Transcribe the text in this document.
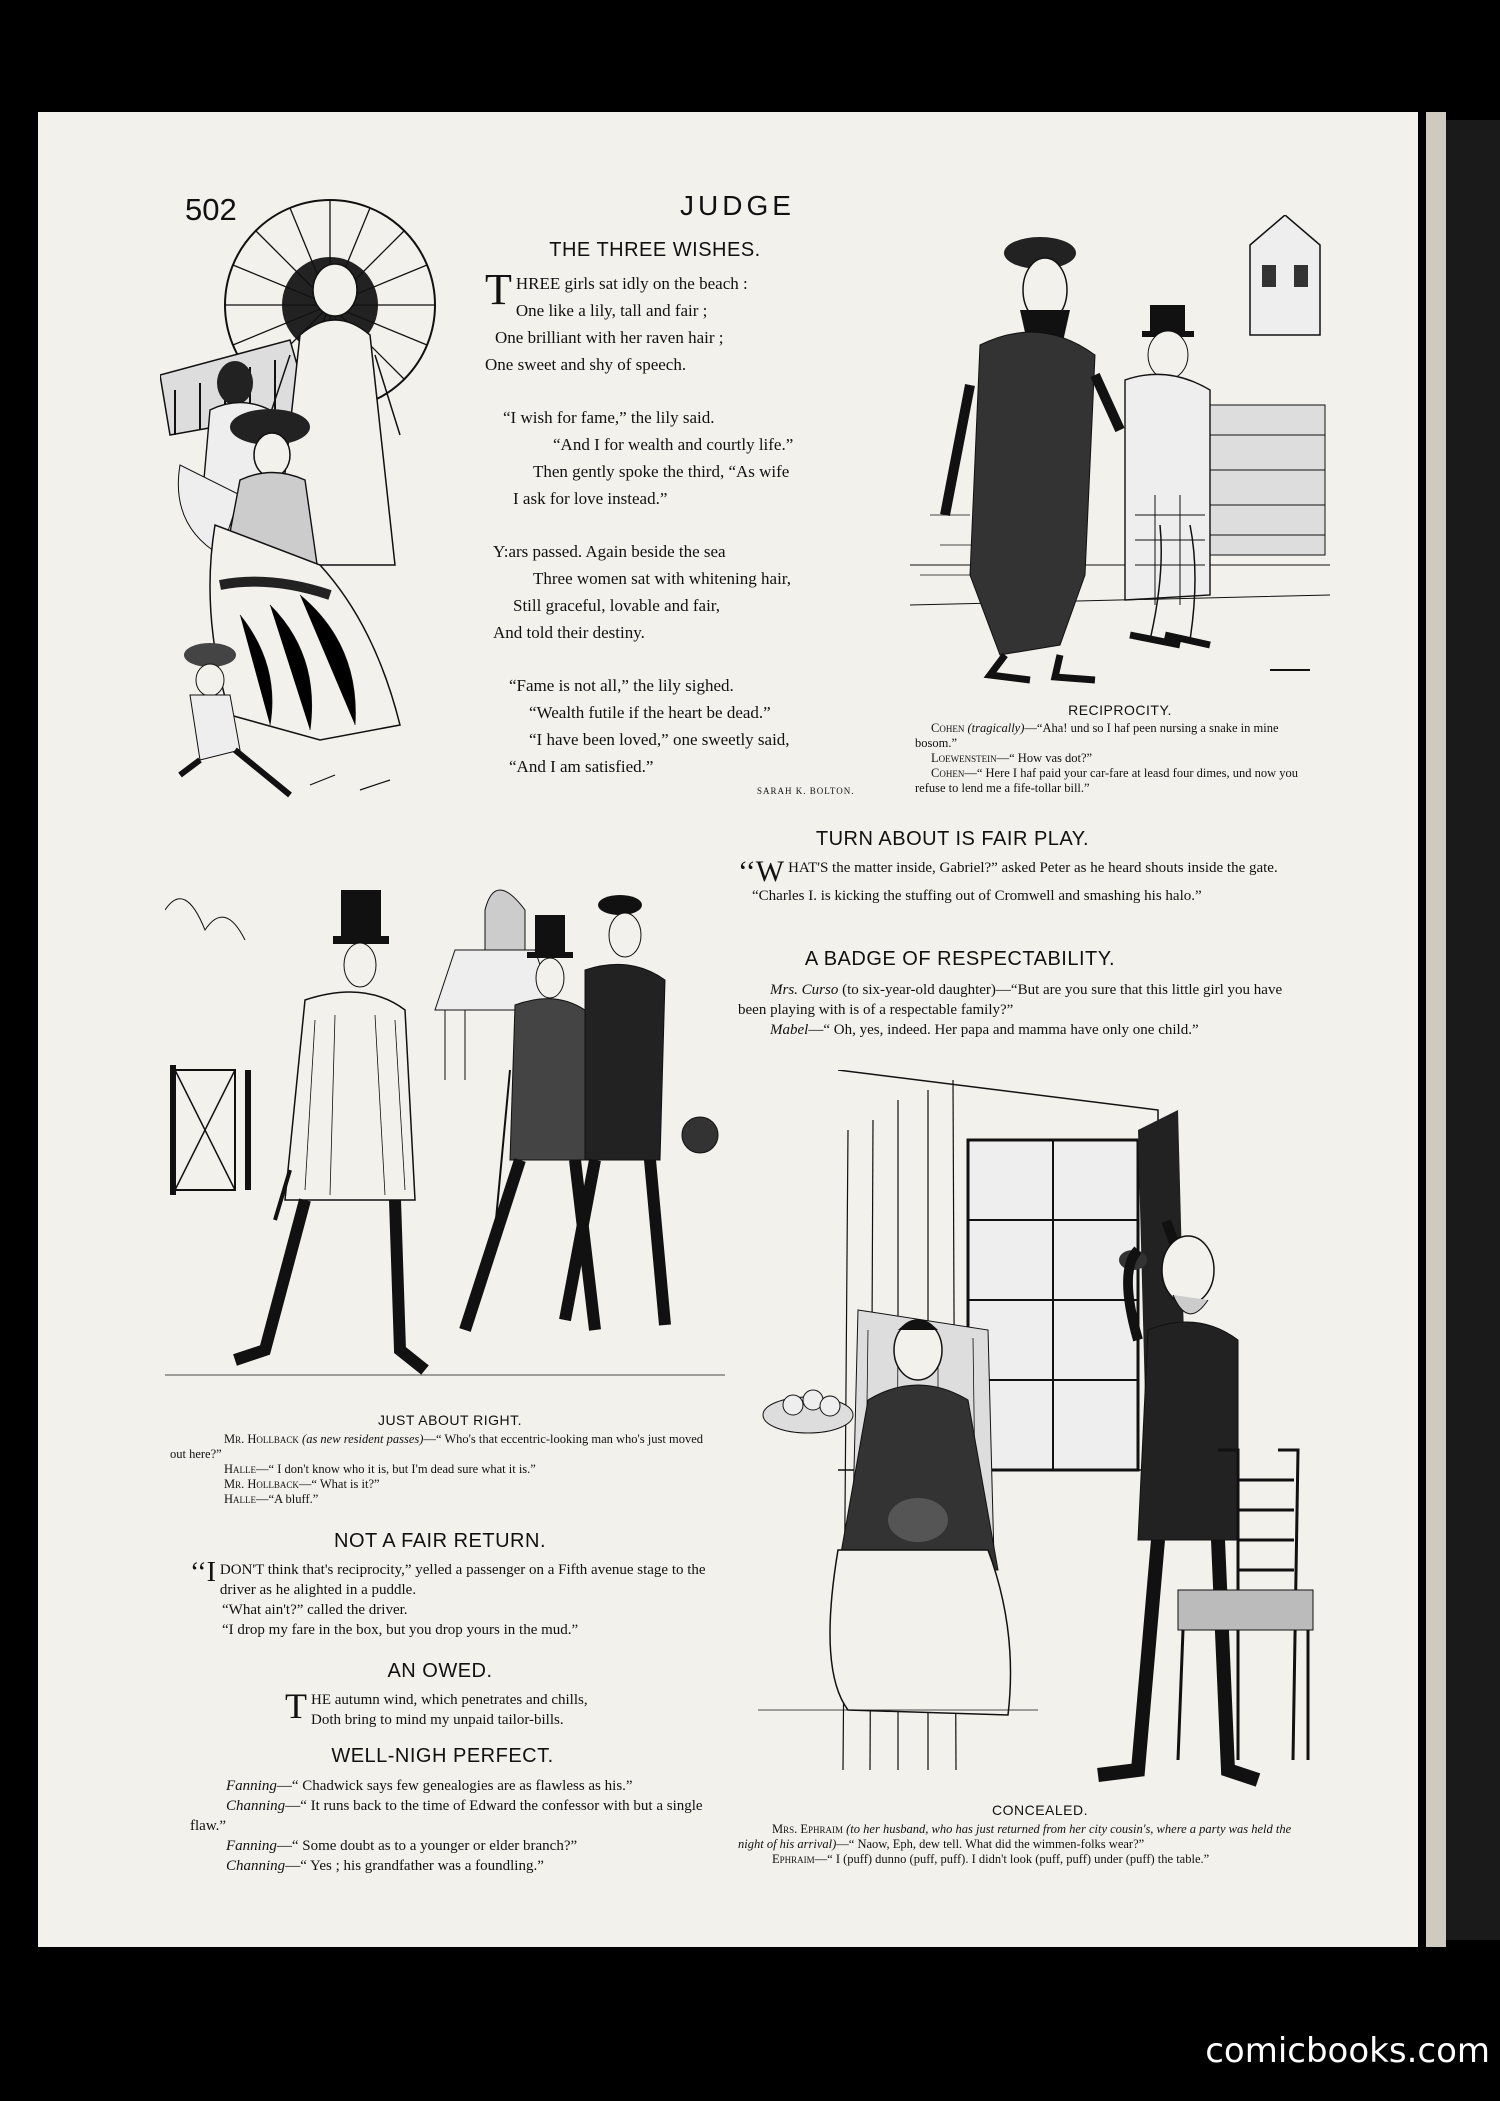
502	JUDGE
THE THREE WISHES.

THREE girls sat idly on the beach :

One like a lily, tall and fair ;

One brilliant with her raven hair ;

One sweet and shy of speech.

“I wish for fame,” the lily said.

“And I for wealth and courtly life.”

Then gently spoke the third, “As wife

I ask for love instead.”

Y:ars passed. Again beside the sea

Three women sat with whitening hair,

Still graceful, lovable and fair,

And told their destiny.

“Fame is not all,” the lily sighed.

“Wealth futile if the heart be dead.”

“I have been loved,” one sweetly said,

“And I am satisfied.”

SARAH K. BOLTON.
RECIPROCITY.

Cohen (tragically)—“Aha! und so I haf peen nursing a snake in mine bosom.”

Loewenstein—“ How vas dot?”

Cohen—“ Here I haf paid your car-fare at leasd four dimes, und now you refuse to lend me a fife-tollar bill.”

TURN ABOUT IS FAIR PLAY.

‘‘W HAT'S the matter inside, Gabriel?” asked Peter as he heard shouts inside the gate.

“Charles I. is kicking the stuffing out of Cromwell and smashing his halo.”

A BADGE OF RESPECTABILITY.

Mrs. Curso (to six-year-old daughter)—“But are you sure that this little girl you have been playing with is of a respectable family?”

Mabel—“ Oh, yes, indeed. Her papa and mamma have only one child.”

JUST ABOUT RIGHT.

Mr. Hollback (as new resident passes)—“ Who's that eccentric-looking man who's just moved out here?”

Halle—“ I don't know who it is, but I'm dead sure what it is.”

Mr. Hollback—“ What is it?”

Halle—“A bluff.”

NOT A FAIR RETURN.

‘‘I DON'T think that's reciprocity,” yelled a passenger on a Fifth avenue stage to the driver as he alighted in a puddle.

“What ain't?” called the driver.

“I drop my fare in the box, but you drop yours in the mud.”

AN OWED.

THE autumn wind, which penetrates and chills,

Doth bring to mind my unpaid tailor-bills.

WELL-NIGH PERFECT.

Fanning—“ Chadwick says few genealogies are as flawless as his.”

Channing—“ It runs back to the time of Edward the confessor with but a single flaw.”

Fanning—“ Some doubt as to a younger or elder branch?”

Channing—“ Yes ; his grandfather was a foundling.”

CONCEALED.

Mrs. Ephraim (to her husband, who has just returned from her city cousin's, where a party was held the night of his arrival)—“ Naow, Eph, dew tell. What did the wimmen-folks wear?”

Ephraim—“ I (puff) dunno (puff, puff). I didn't look (puff, puff) under (puff) the table.”

comicbooks.com
